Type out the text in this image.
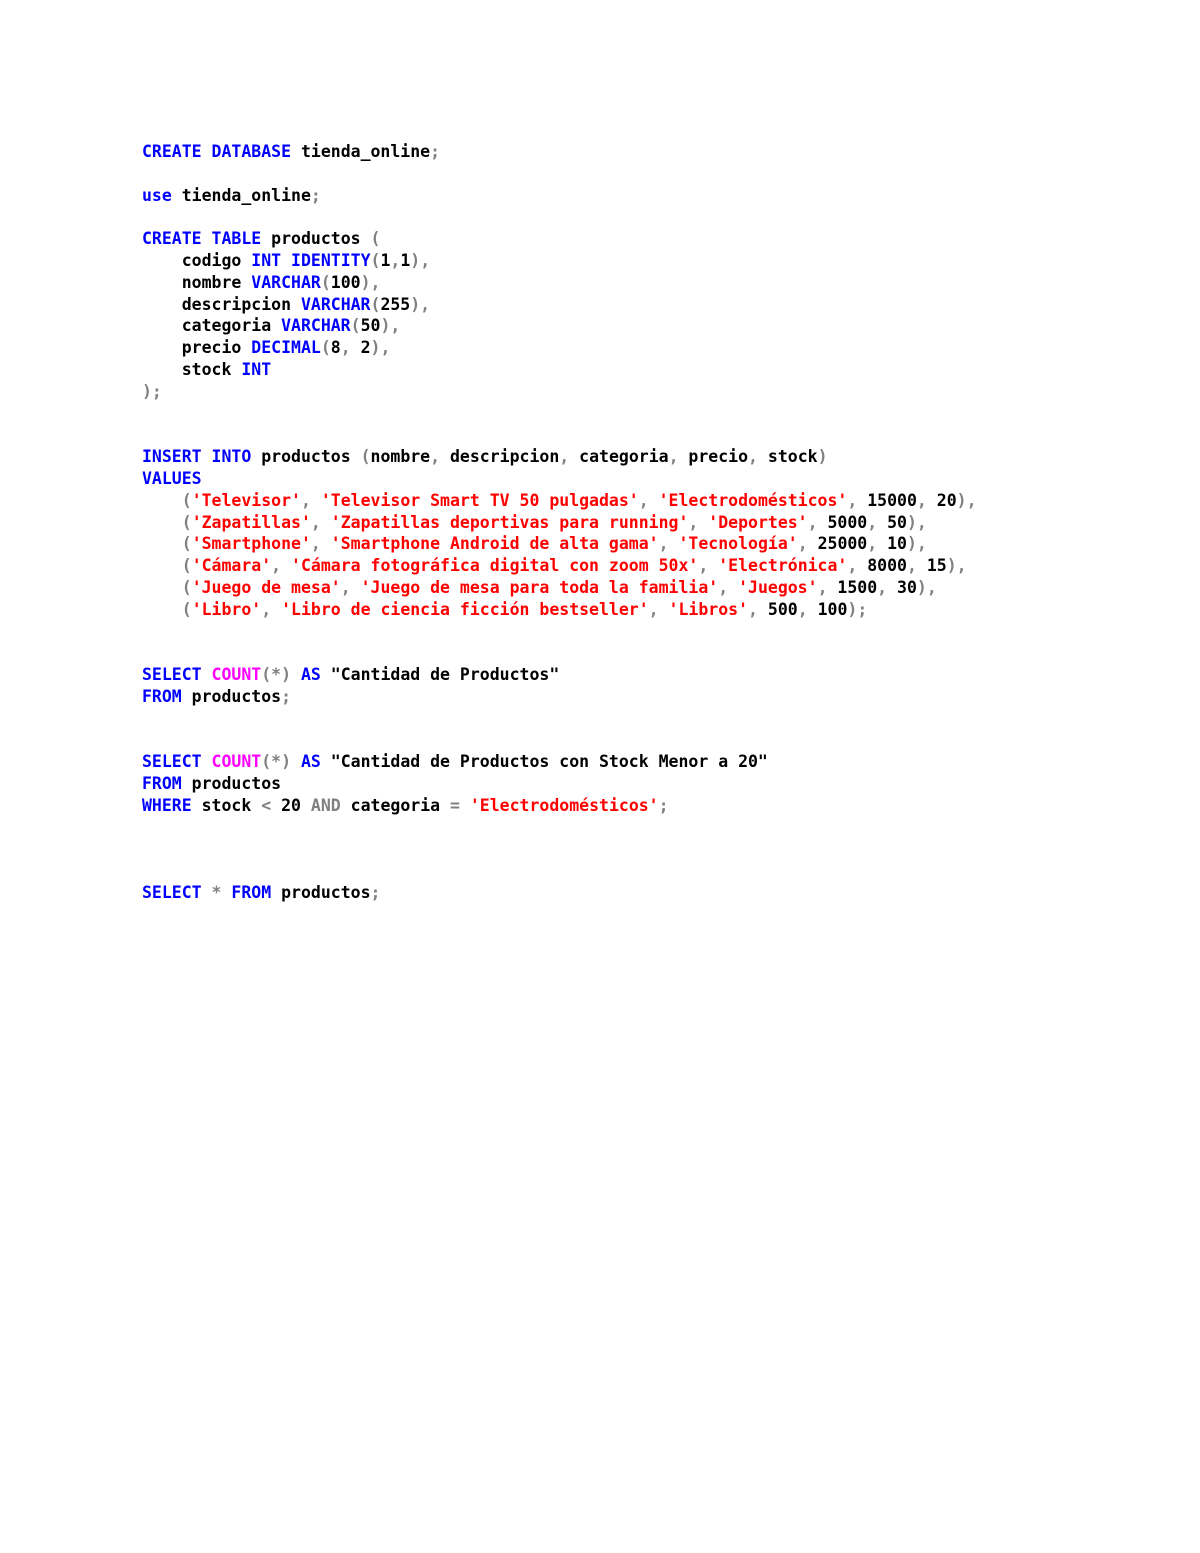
CREATE DATABASE tienda_online;

use tienda_online;

CREATE TABLE productos (
codigo INT IDENTITY(1,1),
nombre VARCHAR(100),
descripcion VARCHAR(255),
categoria VARCHAR(50),
precio DECIMAL(8, 2),
stock INT
);

INSERT INTO productos (nombre, descripcion, categoria, precio, stock)
VALUES
('Televisor', 'Televisor Smart TV 50 pulgadas', 'Electrodomésticos', 15000, 20),
('Zapatillas', 'Zapatillas deportivas para running', 'Deportes', 5000, 50),
('Smartphone', 'Smartphone Android de alta gama', 'Tecnología', 25000, 10),
('Cámara', 'Cámara fotográfica digital con zoom 50x', 'Electrónica', 8000, 15),
('Juego de mesa', 'Juego de mesa para toda la familia', 'Juegos', 1500, 30),
('Libro', 'Libro de ciencia ficción bestseller', 'Libros', 500, 100);

SELECT COUNT(*) AS "Cantidad de Productos"
FROM productos;

SELECT COUNT(*) AS "Cantidad de Productos con Stock Menor a 20"
FROM productos
WHERE stock < 20 AND categoria = 'Electrodomésticos';

SELECT * FROM productos;
